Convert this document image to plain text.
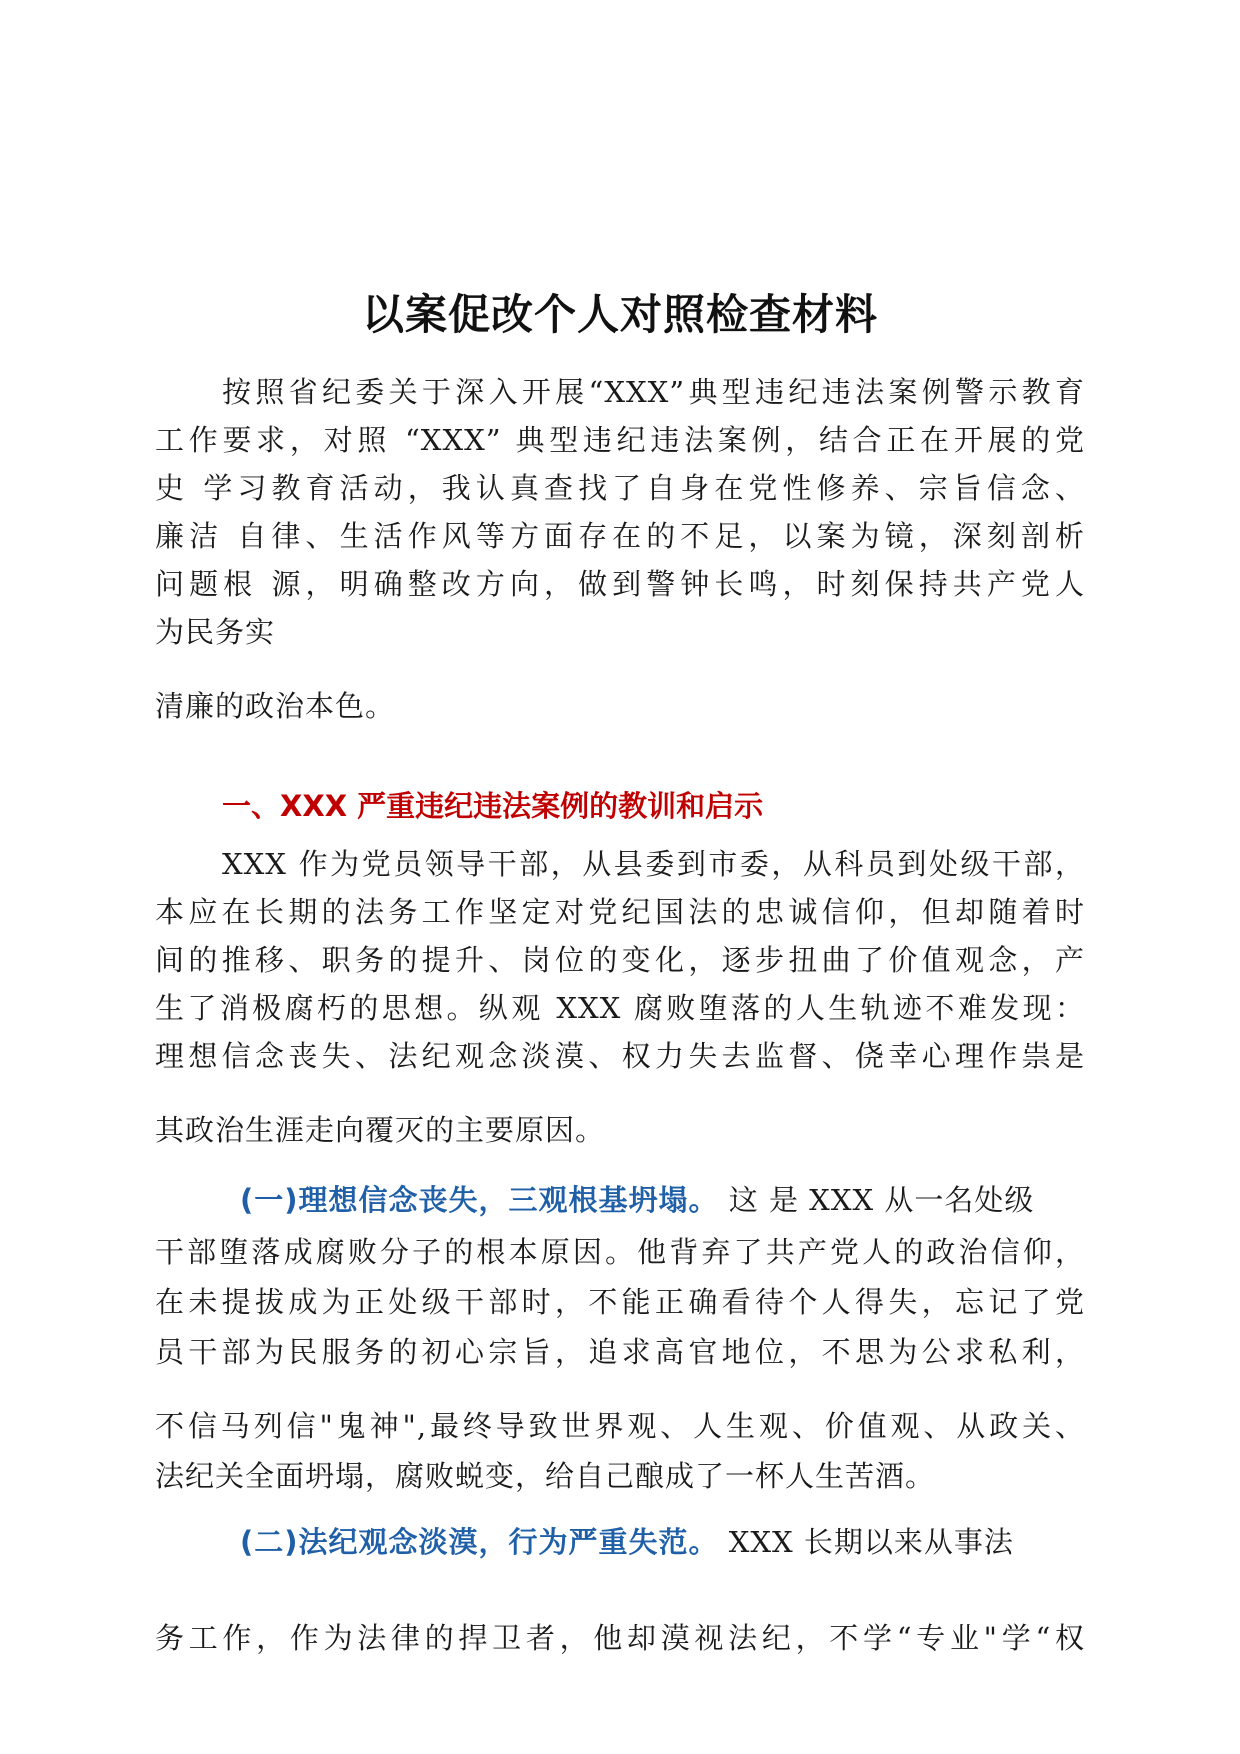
以案促改个人对照检查材料
按照省纪委关于深入开展“XXX”典型违纪违法案例警示教育
工作要求，对照 “XXX” 典型违纪违法案例，结合正在开展的党
史 学习教育活动，我认真查找了自身在党性修养、宗旨信念、
廉洁 自律、生活作风等方面存在的不足，以案为镜，深刻剖析
问题根 源，明确整改方向，做到警钟长鸣，时刻保持共产党人
为民务实
清廉的政治本色。
一、XXX 严重违纪违法案例的教训和启示
XXX 作为党员领导干部，从县委到市委，从科员到处级干部，
本应在长期的法务工作坚定对党纪国法的忠诚信仰，但却随着时
间的推移、职务的提升、岗位的变化，逐步扭曲了价值观念，产
生了消极腐朽的思想。纵观 XXX 腐败堕落的人生轨迹不难发现：
理想信念丧失、法纪观念淡漠、权力失去监督、侥幸心理作祟是
其政治生涯走向覆灭的主要原因。
(一)理想信念丧失，三观根基坍塌。 这 是 XXX 从一名处级
干部堕落成腐败分子的根本原因。他背弃了共产党人的政治信仰，
在未提拔成为正处级干部时，不能正确看待个人得失，忘记了党
员干部为民服务的初心宗旨，追求高官地位，不思为公求私利，
不信马列信"鬼神",最终导致世界观、人生观、价值观、从政关、
法纪关全面坍塌，腐败蜕变，给自己酿成了一杯人生苦酒。
(二)法纪观念淡漠，行为严重失范。 XXX 长期以来从事法
务工作，作为法律的捍卫者，他却漠视法纪，不学“专业"学“权
